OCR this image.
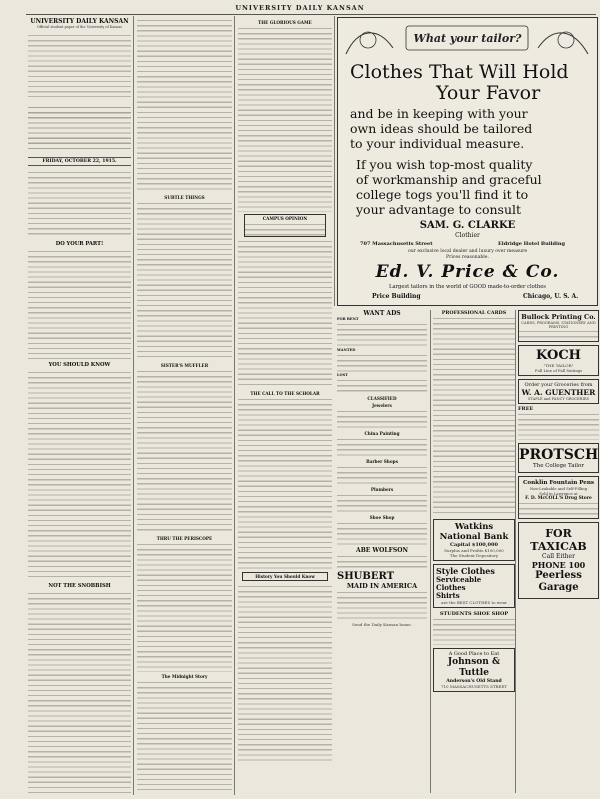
UNIVERSITY DAILY KANSAN
UNIVERSITY DAILY KANSAN
Official student paper of the University of Kansas
FRIDAY, OCTOBER 22, 1915.
DO YOUR PART!
YOU SHOULD KNOW
NOT THE SNOBBISH
SUBTLE THINGS
SISTER'S MUFFLER
THRU THE PERISCOPE
The Midnight Story
THE GLORIOUS GAME
CAMPUS OPINION
THE CALL TO THE SCHOLAR
History You Should Know
What your tailor?
Clothes That Will Hold
Your Favor
and be in keeping with your
own ideas should be tailored
to your individual measure.
If you wish top-most quality
of workmanship and graceful
college togs you'll find it to
your advantage to consult
SAM. G. CLARKE
Clothier
707 Massachusetts Street	Eldridge Hotel Building
our exclusive local dealer and luxury over measure
Prices reasonable.
Ed. V. Price & Co.
Largest tailors in the world of GOOD made-to-order clothes
Price Building	Chicago, U. S. A.
WANT ADS
FOR RENT
WANTED
LOST
CLASSIFIED
Jewelers
China Painting
Barber Shops
Plumbers
Shoe Shop
ABE WOLFSON
SHUBERT
MAID IN AMERICA
Send the Daily Kansan home.
PROFESSIONAL CARDS
Watkins National Bank
Capital $100,000
Surplus and Profits $100,000
The Student Depository
Style Clothes
Serviceable Clothes
Shirts
are the BEST CLOTHES to wear
STUDENTS SHOE SHOP
A Good Place to Eat
Johnson & Tuttle
Anderson's Old Stand
710 MASSACHUSETTS STREET
Bullock Printing Co.
CARDS, PROGRAMS, STATIONERY AND PRINTING
KOCH
"THE TAILOR"
Full Line of Fall Suitings
Order your Groceries from
W. A. GUENTHER
STAPLE and FANCY GROCERIES
FREE
PROTSCH
The College Tailor
Conklin Fountain Pens
Non-Leakable and Self-Filling
Sold in Lawrence at
F. D. McCOLL'S Drug Store
FOR TAXICAB
Call Either
PHONE 100
Peerless Garage
